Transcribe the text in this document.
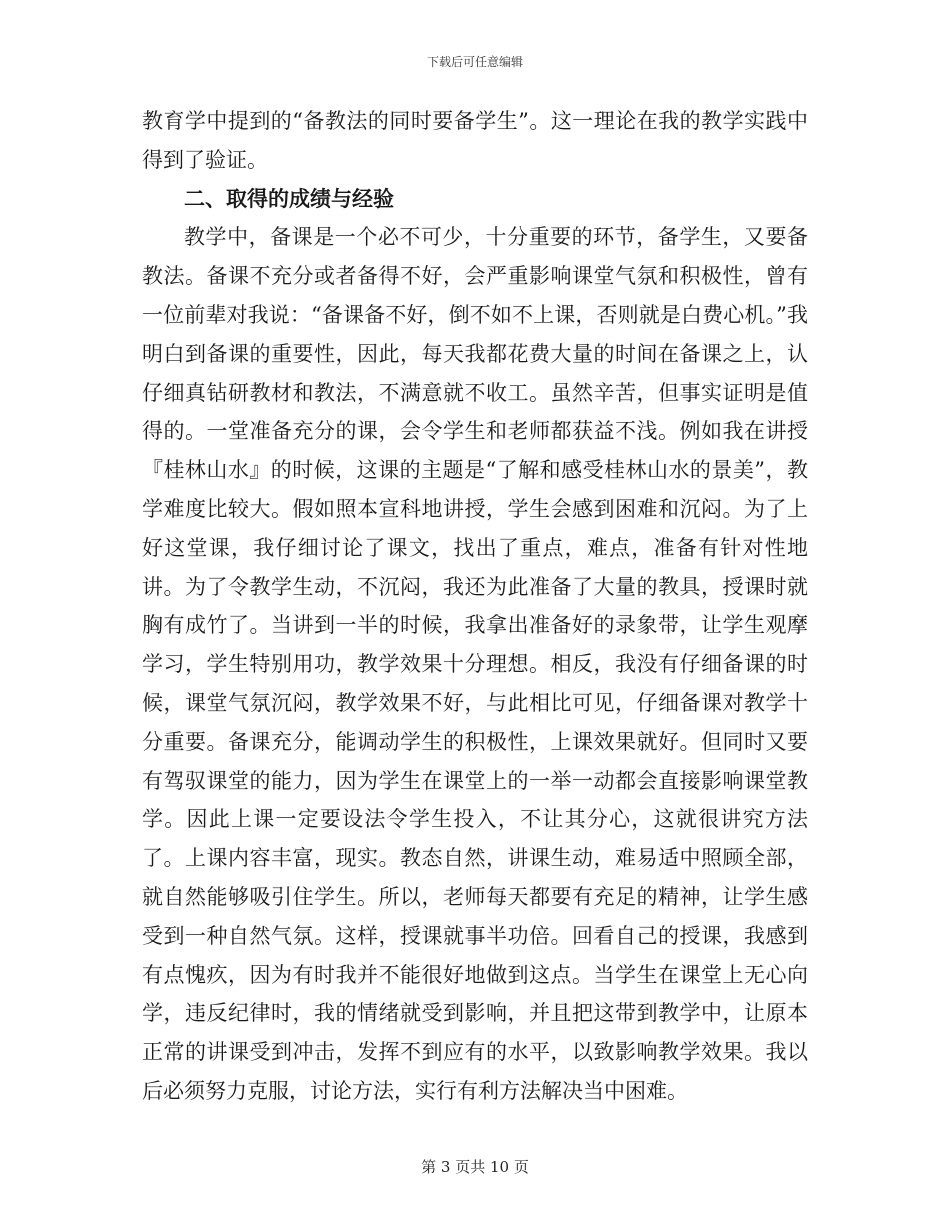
下载后可任意编辑

教育学中提到的“备教法的同时要备学生”。这一理论在我的教学实践中得到了验证。

二、取得的成绩与经验

教学中，备课是一个必不可少，十分重要的环节，备学生，又要备教法。备课不充分或者备得不好，会严重影响课堂气氛和积极性，曾有一位前辈对我说：“备课备不好，倒不如不上课，否则就是白费心机。”我明白到备课的重要性，因此，每天我都花费大量的时间在备课之上，认仔细真钻研教材和教法，不满意就不收工。虽然辛苦，但事实证明是值得的。一堂准备充分的课，会令学生和老师都获益不浅。例如我在讲授『桂林山水』的时候，这课的主题是“了解和感受桂林山水的景美”，教学难度比较大。假如照本宣科地讲授，学生会感到困难和沉闷。为了上好这堂课，我仔细讨论了课文，找出了重点，难点，准备有针对性地讲。为了令教学生动，不沉闷，我还为此准备了大量的教具，授课时就胸有成竹了。当讲到一半的时候，我拿出准备好的录象带，让学生观摩学习，学生特别用功，教学效果十分理想。相反，我没有仔细备课的时候，课堂气氛沉闷，教学效果不好，与此相比可见，仔细备课对教学十分重要。备课充分，能调动学生的积极性，上课效果就好。但同时又要有驾驭课堂的能力，因为学生在课堂上的一举一动都会直接影响课堂教学。因此上课一定要设法令学生投入，不让其分心，这就很讲究方法了。上课内容丰富，现实。教态自然，讲课生动，难易适中照顾全部，就自然能够吸引住学生。所以，老师每天都要有充足的精神，让学生感受到一种自然气氛。这样，授课就事半功倍。回看自己的授课，我感到有点愧疚，因为有时我并不能很好地做到这点。当学生在课堂上无心向学，违反纪律时，我的情绪就受到影响，并且把这带到教学中，让原本正常的讲课受到冲击，发挥不到应有的水平，以致影响教学效果。我以后必须努力克服，讨论方法，实行有利方法解决当中困难。

第 3 页共 10 页
